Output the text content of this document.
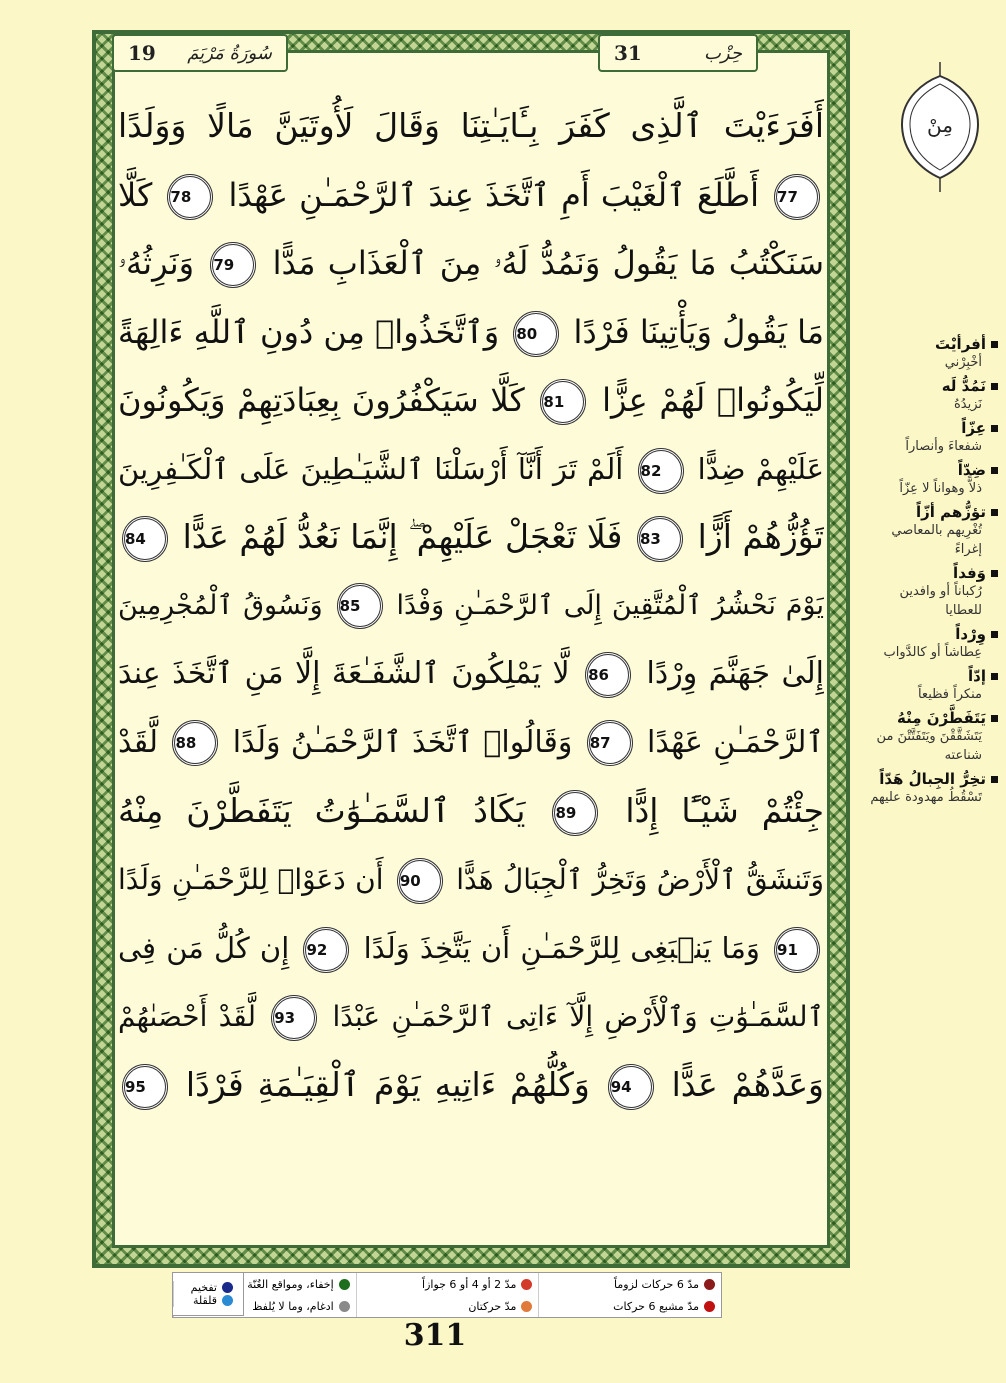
19 سُورَةُ مَرْيَمَ	31	حِزْب
أَفَرَءَيْتَ ٱلَّذِى كَفَرَ بِـَٔايَـٰتِنَا وَقَالَ لَأُوتَيَنَّ مَالًا وَوَلَدًا
77 أَطَّلَعَ ٱلْغَيْبَ أَمِ ٱتَّخَذَ عِندَ ٱلرَّحْمَـٰنِ عَهْدًا 78 كَلَّا
سَنَكْتُبُ مَا يَقُولُ وَنَمُدُّ لَهُۥ مِنَ ٱلْعَذَابِ مَدًّا 79 وَنَرِثُهُۥ
مَا يَقُولُ وَيَأْتِينَا فَرْدًا 80 وَٱتَّخَذُوا۟ مِن دُونِ ٱللَّهِ ءَالِهَةً
لِّيَكُونُوا۟ لَهُمْ عِزًّا 81 كَلَّا سَيَكْفُرُونَ بِعِبَادَتِهِمْ وَيَكُونُونَ
عَلَيْهِمْ ضِدًّا 82 أَلَمْ تَرَ أَنَّآ أَرْسَلْنَا ٱلشَّيَـٰطِينَ عَلَى ٱلْكَـٰفِرِينَ
تَؤُزُّهُمْ أَزًّا 83 فَلَا تَعْجَلْ عَلَيْهِمْ ۖ إِنَّمَا نَعُدُّ لَهُمْ عَدًّا 84
يَوْمَ نَحْشُرُ ٱلْمُتَّقِينَ إِلَى ٱلرَّحْمَـٰنِ وَفْدًا 85 وَنَسُوقُ ٱلْمُجْرِمِينَ
إِلَىٰ جَهَنَّمَ وِرْدًا 86 لَّا يَمْلِكُونَ ٱلشَّفَـٰعَةَ إِلَّا مَنِ ٱتَّخَذَ عِندَ
ٱلرَّحْمَـٰنِ عَهْدًا 87 وَقَالُوا۟ ٱتَّخَذَ ٱلرَّحْمَـٰنُ وَلَدًا 88 لَّقَدْ
جِئْتُمْ شَيْـًٔا إِدًّا 89 يَكَادُ ٱلسَّمَـٰوَٰتُ يَتَفَطَّرْنَ مِنْهُ
وَتَنشَقُّ ٱلْأَرْضُ وَتَخِرُّ ٱلْجِبَالُ هَدًّا 90 أَن دَعَوْا۟ لِلرَّحْمَـٰنِ وَلَدًا
91 وَمَا يَنۢبَغِى لِلرَّحْمَـٰنِ أَن يَتَّخِذَ وَلَدًا 92 إِن كُلُّ مَن فِى
ٱلسَّمَـٰوَٰتِ وَٱلْأَرْضِ إِلَّآ ءَاتِى ٱلرَّحْمَـٰنِ عَبْدًا 93 لَّقَدْ أَحْصَىٰهُمْ
وَعَدَّهُمْ عَدًّا 94 وَكُلُّهُمْ ءَاتِيهِ يَوْمَ ٱلْقِيَـٰمَةِ فَرْدًا 95
مِنْ
أفرأيْتَ
أخْبِرْني
نَمُدُّ لَه
نَزيدُهُ
عِزّاً
شفعاءَ وأنصاراً
ضِدّاً
ذلاًّ وهواناً لا عِزّاً
تؤزُّهم أزّاً
تُغْرِيهم بالمعاصي إغراءً
وَفداً
رُكباناً أو وافدين للعطايا
وِرْداً
عِطاشاً أو كالدَّواب
إدّاً
منكراً فظيعاً
يَتَفَطَّرْنَ مِنْهُ
يَتَشَقَّقْنَ ويَتَفَتَّتْنَ من شناعته
تخِرُّ الجِبالُ هَدّاً
تَسْقُطُ مهدودة عليهم
مدّ 6 حركات لزوماً
مدّ 2 أو 4 أو 6 جوازاً
إخفاء، ومواقع الغُنّة
مدّ مشبع 6 حركات
مدّ حركتان
ادغام، وما لا يُلفظ
تفخيم
قلقلة
311
